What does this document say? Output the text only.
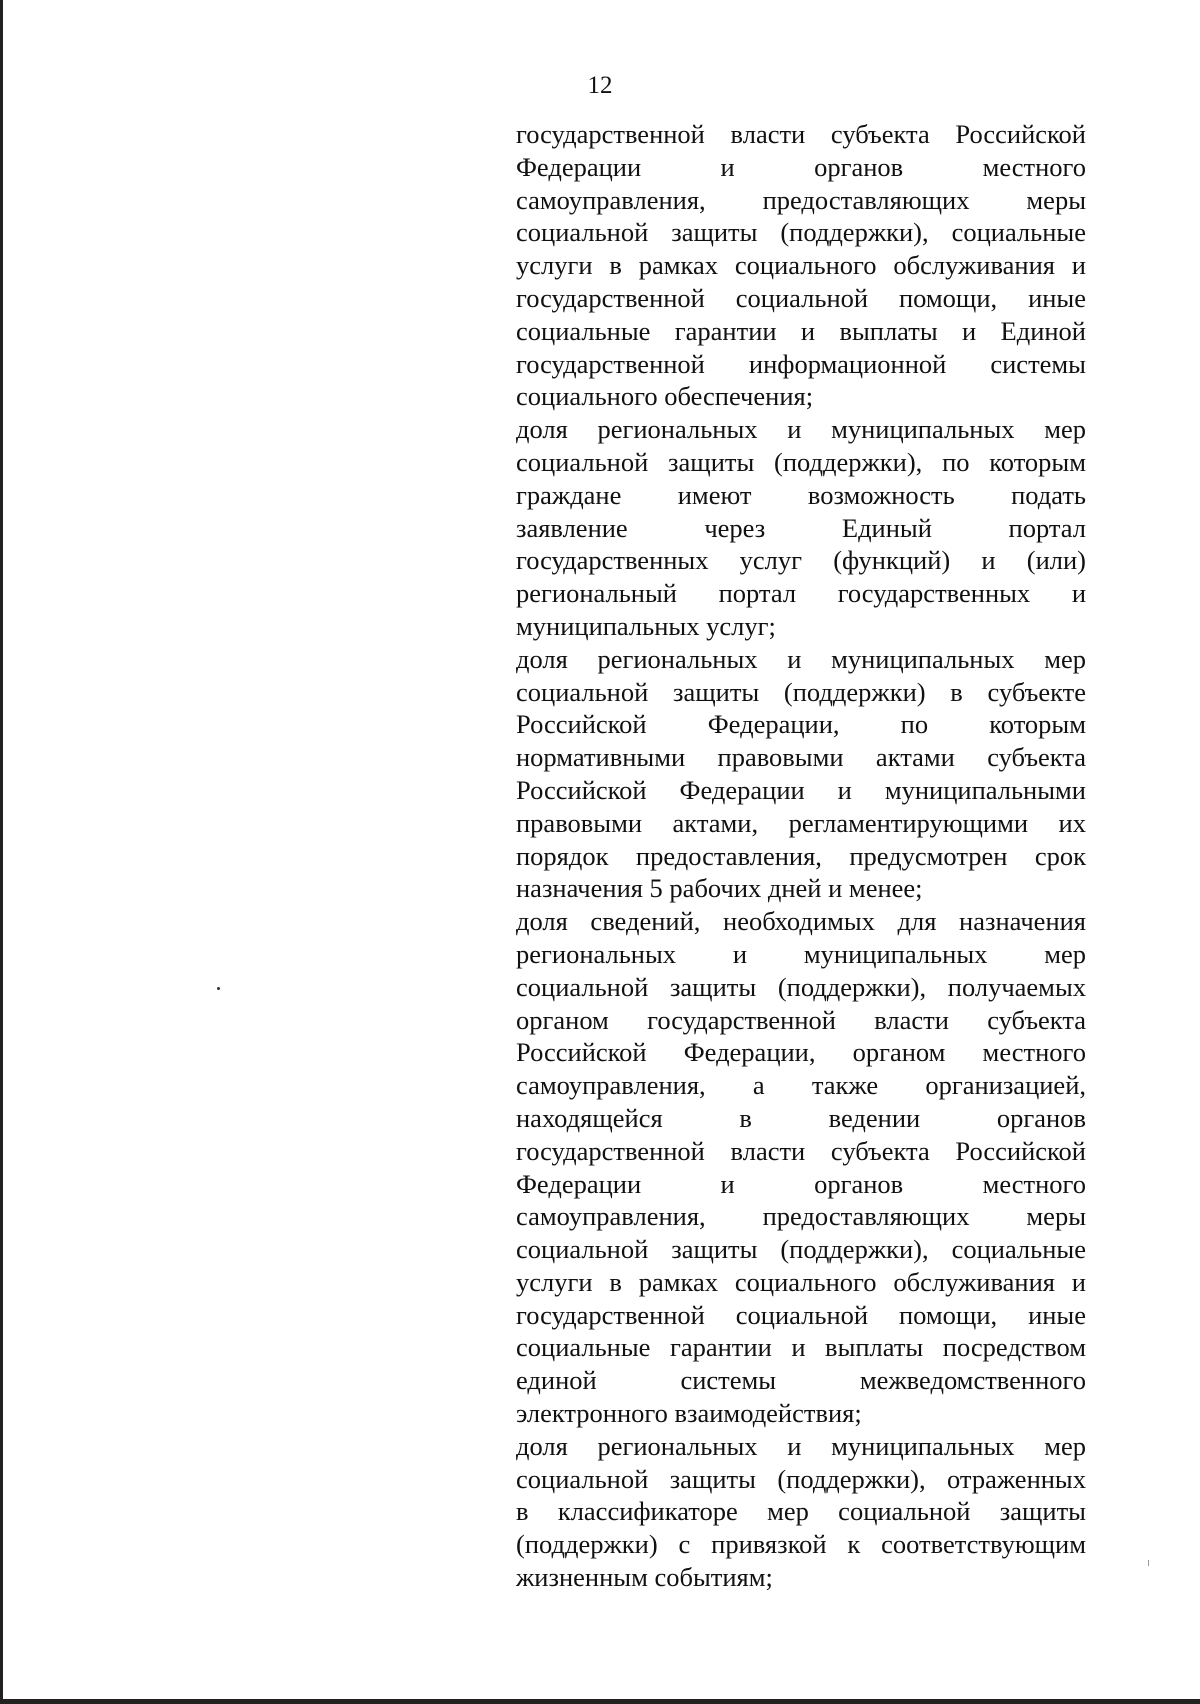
12
государственной власти субъекта Российской
Федерации и органов местного
самоуправления, предоставляющих меры
социальной защиты (поддержки), социальные
услуги в рамках социального обслуживания и
государственной социальной помощи, иные
социальные гарантии и выплаты и Единой
государственной информационной системы
социального обеспечения;
доля региональных и муниципальных мер
социальной защиты (поддержки), по которым
граждане имеют возможность подать
заявление через Единый портал
государственных услуг (функций) и (или)
региональный портал государственных и
муниципальных услуг;
доля региональных и муниципальных мер
социальной защиты (поддержки) в субъекте
Российской Федерации, по которым
нормативными правовыми актами субъекта
Российской Федерации и муниципальными
правовыми актами, регламентирующими их
порядок предоставления, предусмотрен срок
назначения 5 рабочих дней и менее;
доля сведений, необходимых для назначения
региональных и муниципальных мер
социальной защиты (поддержки), получаемых
органом государственной власти субъекта
Российской Федерации, органом местного
самоуправления, а также организацией,
находящейся в ведении органов
государственной власти субъекта Российской
Федерации и органов местного
самоуправления, предоставляющих меры
социальной защиты (поддержки), социальные
услуги в рамках социального обслуживания и
государственной социальной помощи, иные
социальные гарантии и выплаты посредством
единой системы межведомственного
электронного взаимодействия;
доля региональных и муниципальных мер
социальной защиты (поддержки), отраженных
в классификаторе мер социальной защиты
(поддержки) с привязкой к соответствующим
жизненным событиям;
